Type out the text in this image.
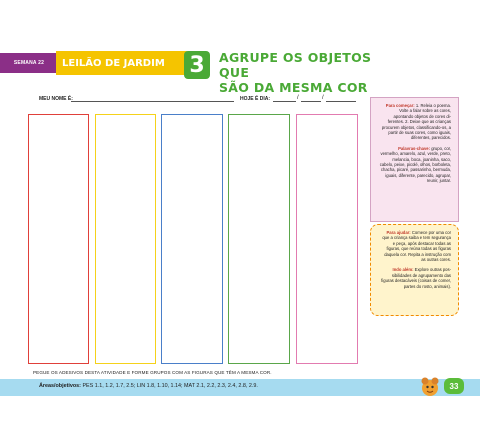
SEMANA 22 LEILÃO DE JARDIM 3 AGRUPE OS OBJETOS QUE
SÃO DA MESMA COR
MEU NOME É:	HOJE É DIA:	/	/

Para começar: 1. Releia o poema. Volte a falar sobre as cores, apontando objetos de cores diferentes. 2. Deixe que as crianças procurem objetos, classificando-os, a partir de suas cores, como iguais, diferentes, parecidos.

Palavras-chave: grupo, cor, vermelho, amarelo, azul, verde, preto, melancia, boca, joaninha, saco, cabelo, peixe, picolé, olhos, borboleta, chacha, picaré, passarinho, bermuda, iguais, diferente, parecido, agrupar, reunir, juntar.

Para ajudar: Comece por uma cor que a criança saiba e tem segurança e peça, após destacar todas as figuras, que reúna todas as figuras daquela cor. Repita a instrução com as outras cores.

Indo além: Explore outras possibilidades de agrupamento das figuras destacáveis (coisas de comer, partes do rosto, animais).

PEGUE OS ADESIVOS DESTA ATIVIDADE E FORME GRUPOS COM AS FIGURAS QUE TÊM A MESMA COR.
Áreas/objetivos: PES 1.1, 1.2, 1.7, 2.5; LIN 1.8, 1.10, 1.14; MAT 2.1, 2.2, 2.3, 2.4, 2.8, 2.9.	33
